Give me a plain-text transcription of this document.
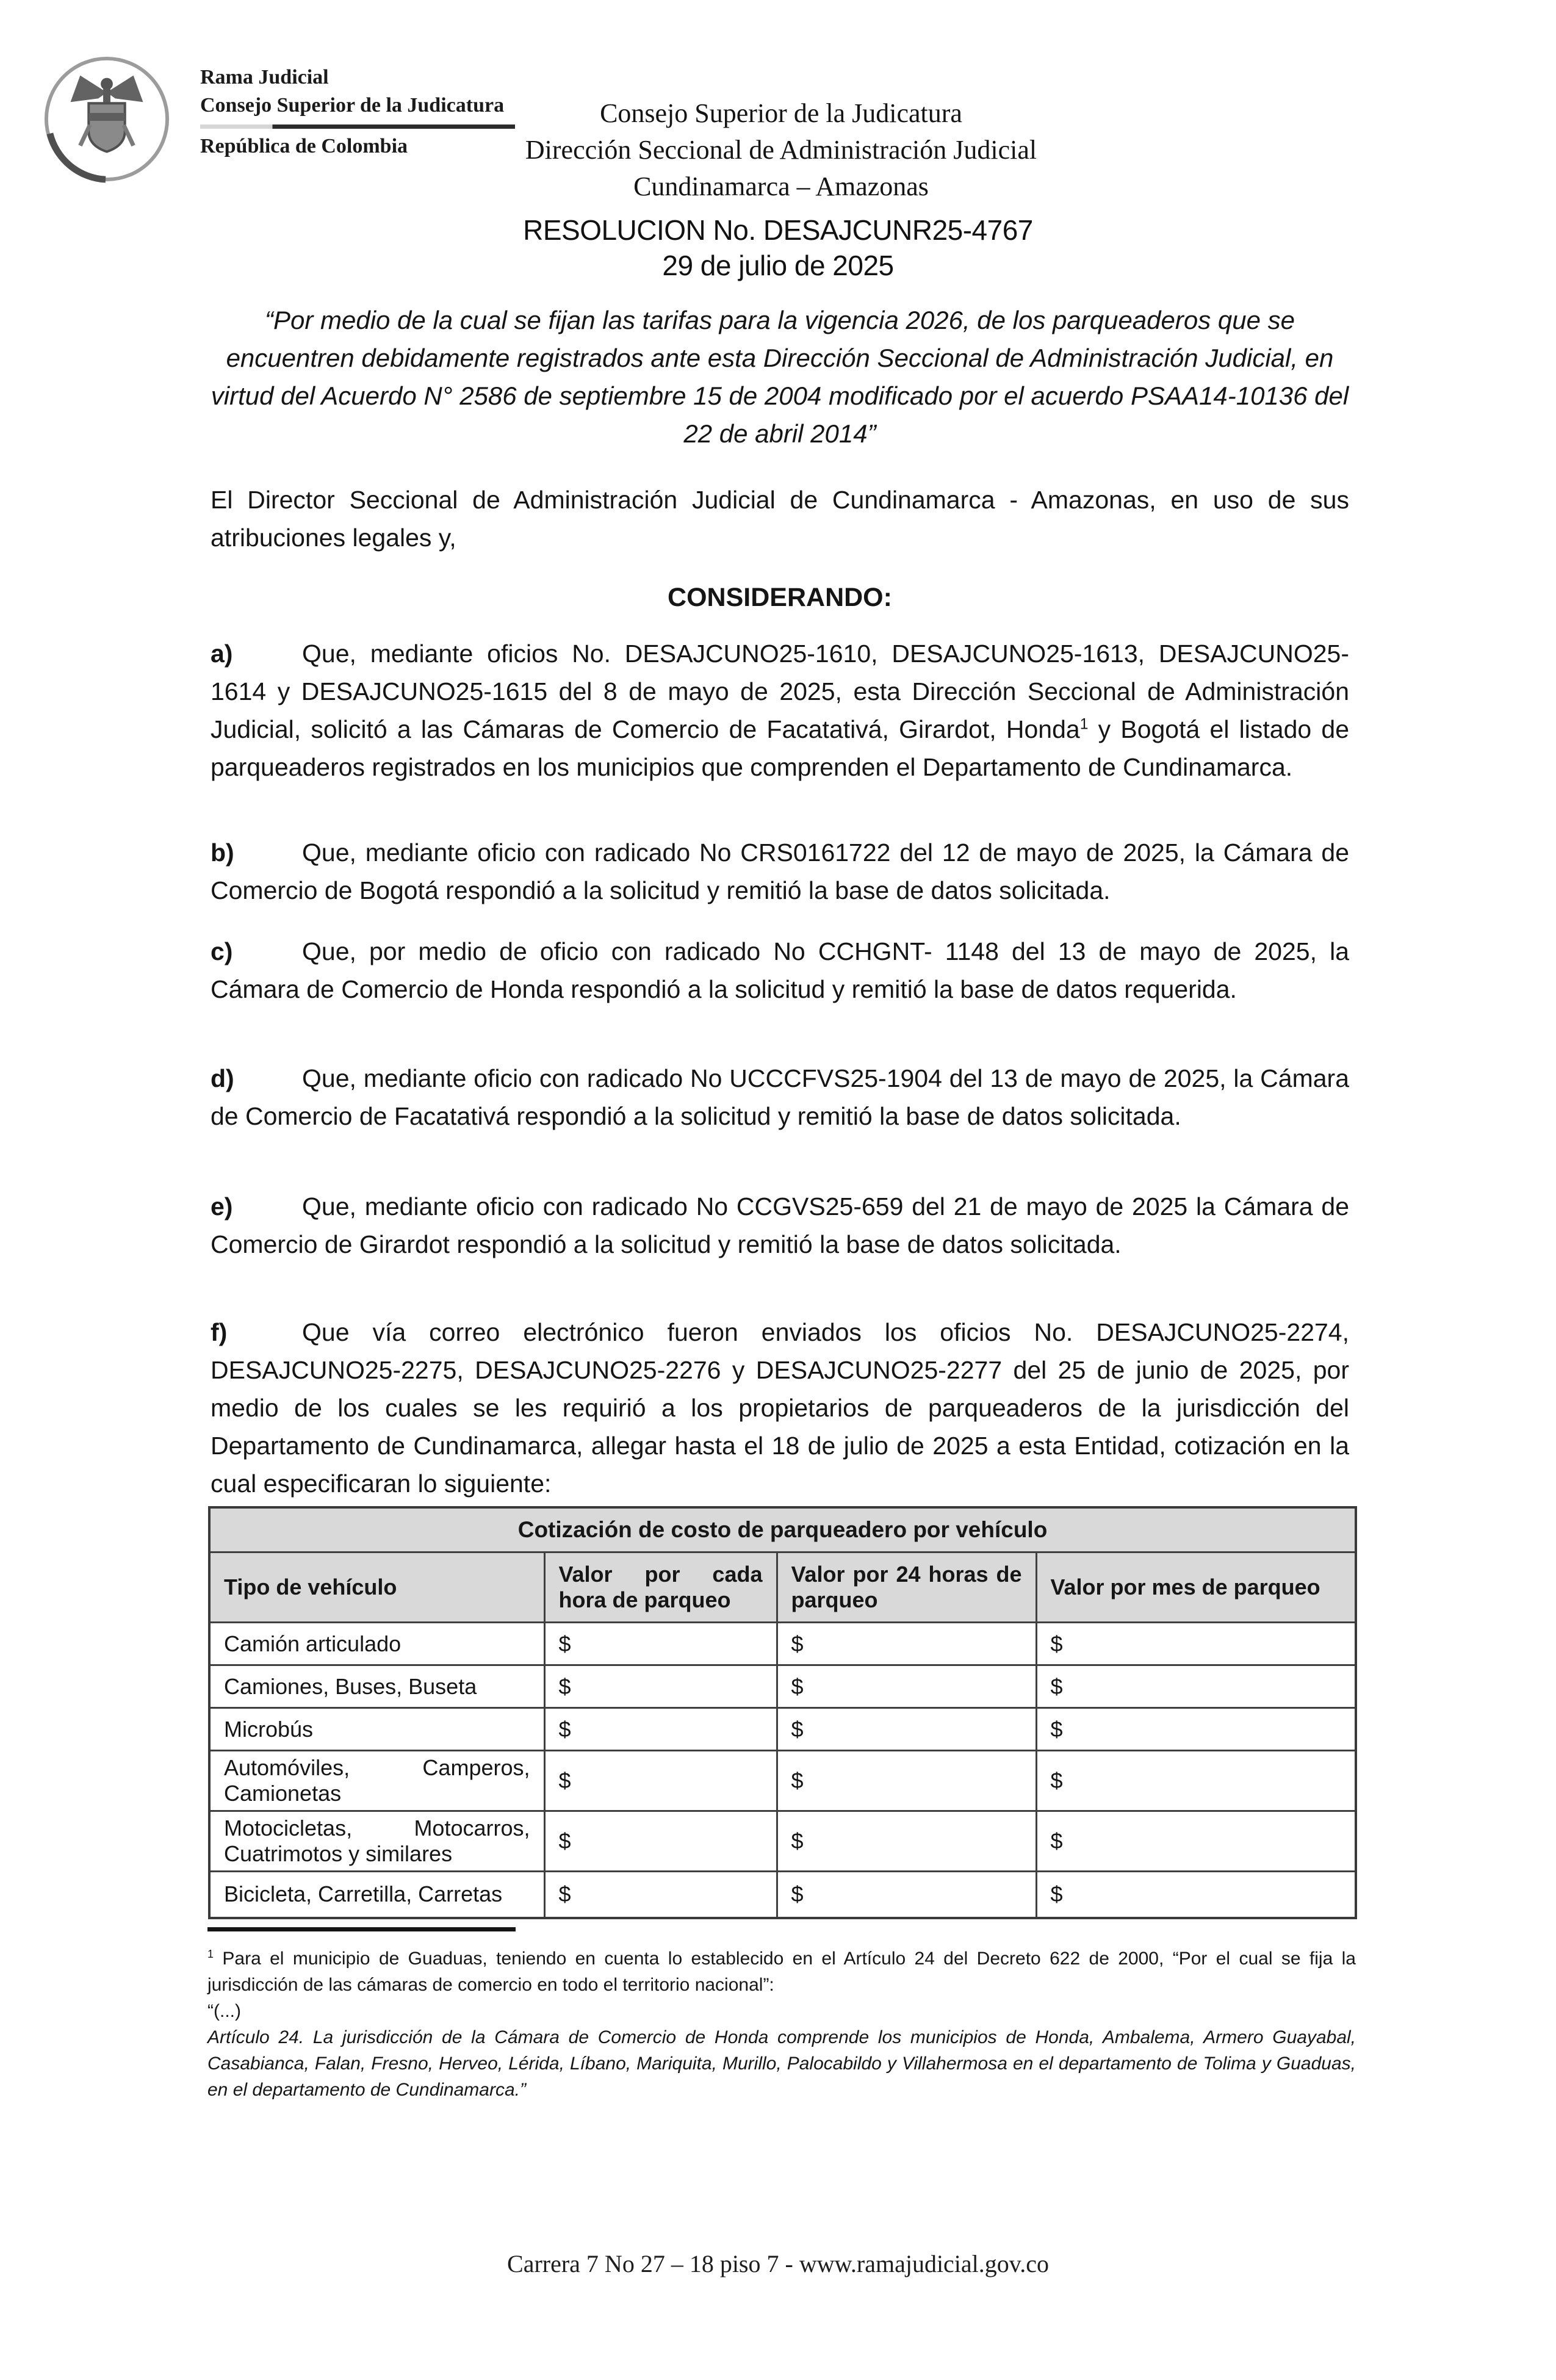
Rama Judicial
Consejo Superior de la Judicatura
República de Colombia
Consejo Superior de la Judicatura
Dirección Seccional de Administración Judicial
Cundinamarca – Amazonas
RESOLUCION No. DESAJCUNR25-4767
29 de julio de 2025
“Por medio de la cual se fijan las tarifas para la vigencia 2026, de los parqueaderos que se encuentren debidamente registrados ante esta Dirección Seccional de Administración Judicial, en virtud del Acuerdo N° 2586 de septiembre 15 de 2004 modificado por el acuerdo PSAA14-10136 del 22 de abril 2014”
El Director Seccional de Administración Judicial de Cundinamarca - Amazonas, en uso de sus atribuciones legales y,
CONSIDERANDO:
a)	Que, mediante oficios No. DESAJCUNO25-1610, DESAJCUNO25-1613, DESAJCUNO25-1614 y DESAJCUNO25-1615 del 8 de mayo de 2025, esta Dirección Seccional de Administración Judicial, solicitó a las Cámaras de Comercio de Facatativá, Girardot, Honda$^1$ y Bogotá el listado de parqueaderos registrados en los municipios que comprenden el Departamento de Cundinamarca.
b)	Que, mediante oficio con radicado No CRS0161722 del 12 de mayo de 2025, la Cámara de Comercio de Bogotá respondió a la solicitud y remitió la base de datos solicitada.
c)	Que, por medio de oficio con radicado No CCHGNT- 1148 del 13 de mayo de 2025, la Cámara de Comercio de Honda respondió a la solicitud y remitió la base de datos requerida.
d)	Que, mediante oficio con radicado No UCCCFVS25-1904 del 13 de mayo de 2025, la Cámara de Comercio de Facatativá respondió a la solicitud y remitió la base de datos solicitada.
e)	Que, mediante oficio con radicado No CCGVS25-659 del 21 de mayo de 2025 la Cámara de Comercio de Girardot respondió a la solicitud y remitió la base de datos solicitada.
f)	Que vía correo electrónico fueron enviados los oficios No. DESAJCUNO25-2274, DESAJCUNO25-2275, DESAJCUNO25-2276 y DESAJCUNO25-2277 del 25 de junio de 2025, por medio de los cuales se les requirió a los propietarios de parqueaderos de la jurisdicción del Departamento de Cundinamarca, allegar hasta el 18 de julio de 2025 a esta Entidad, cotización en la cual especificaran lo siguiente:
Cotización de costo de parqueadero por vehículo			
Tipo de vehículo	Valor por cada hora de parqueo	Valor por 24 horas de parqueo	Valor por mes de parqueo
Camión articulado	$	$	$
Camiones, Buses, Buseta	$	$	$
Microbús	$	$	$
Automóviles, Camperos, Camionetas	$	$	$
Motocicletas, Motocarros, Cuatrimotos y similares	$	$	$
Bicicleta, Carretilla, Carretas	$	$	$
$^1$ Para el municipio de Guaduas, teniendo en cuenta lo establecido en el Artículo 24 del Decreto 622 de 2000, “Por el cual se fija la jurisdicción de las cámaras de comercio en todo el territorio nacional”:
“(...)
Artículo 24. La jurisdicción de la Cámara de Comercio de Honda comprende los municipios de Honda, Ambalema, Armero Guayabal, Casabianca, Falan, Fresno, Herveo, Lérida, Líbano, Mariquita, Murillo, Palocabildo y Villahermosa en el departamento de Tolima y Guaduas, en el departamento de Cundinamarca.”
Carrera 7 No 27 – 18 piso 7 - www.ramajudicial.gov.co
